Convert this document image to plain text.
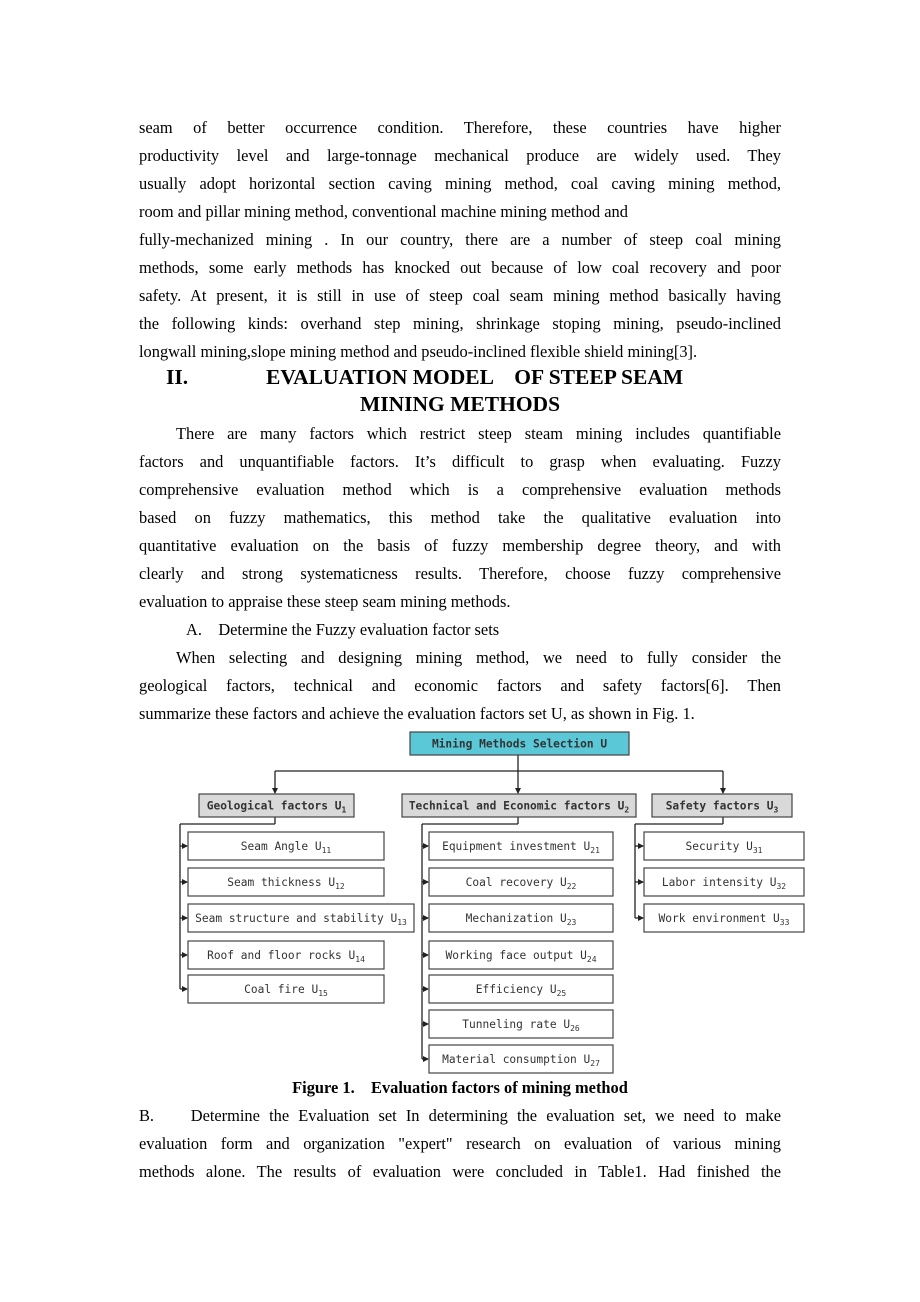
seam of better occurrence condition. Therefore, these countries have higher
productivity level and large-tonnage mechanical produce are widely used. They
usually adopt horizontal section caving mining method, coal caving mining method,
room and pillar mining method, conventional machine mining method and
fully-mechanized mining . In our country, there are a number of steep coal mining
methods, some early methods has knocked out because of low coal recovery and poor
safety. At present, it is still in use of steep coal seam mining method basically having
the following kinds: overhand step mining, shrinkage stoping mining, pseudo-inclined
longwall mining,slope mining method and pseudo-inclined flexible shield mining[3].
II.	EVALUATION MODEL    OF STEEP SEAM
MINING METHODS
There are many factors which restrict steep steam mining includes quantifiable
factors and unquantifiable factors. It’s difficult to grasp when evaluating. Fuzzy
comprehensive evaluation method which is a comprehensive evaluation methods
based on fuzzy mathematics, this method take the qualitative evaluation into
quantitative evaluation on the basis of fuzzy membership degree theory, and with
clearly and strong systematicness results. Therefore, choose fuzzy comprehensive
evaluation to appraise these steep seam mining methods.
A.    Determine the Fuzzy evaluation factor sets
When selecting and designing mining method, we need to fully consider the
geological factors, technical and economic factors and safety factors[6]. Then
summarize these factors and achieve the evaluation factors set U, as shown in Fig. 1.
Mining Methods Selection U
Geological factors $U_1$
Seam Angle $U_{11}$
Seam thickness $U_{12}$
Seam structure and stability $U_{13}$
Roof and floor rocks $U_{14}$
Coal fire $U_{15}$
Technical and Economic factors $U_2$
Equipment investment $U_{21}$
Coal recovery $U_{22}$
Mechanization $U_{23}$
Working face output $U_{24}$
Efficiency $U_{25}$
Tunneling rate $U_{26}$
Material consumption $U_{27}$
Safety factors $U_3$
Security $U_{31}$
Labor intensity $U_{32}$
Work environment $U_{33}$
Figure 1.    Evaluation factors of mining method
B.    Determine the Evaluation set In determining the evaluation set, we need to make
evaluation form and organization "expert" research on evaluation of various mining
methods alone. The results of evaluation were concluded in Table1. Had finished the
